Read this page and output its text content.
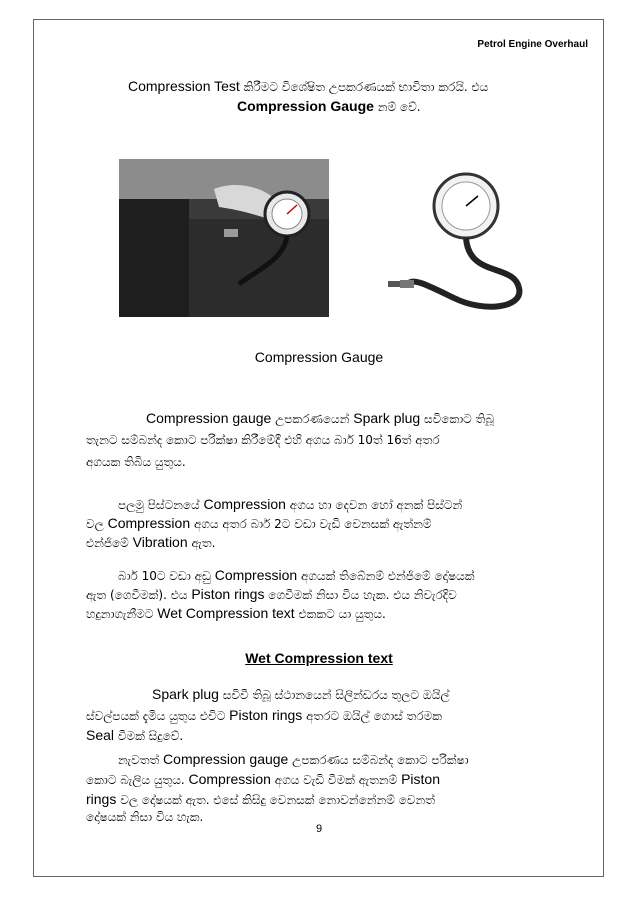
Petrol Engine Overhaul
Compression Test කිරීමට විශේෂිත උපකරණයක් භාවිතා කරයි. එය
Compression Gauge නම් වේ.
Compression Gauge
Compression gauge උපකරණයෙන් Spark plug සවිකොට තිබූ
තැනට සම්බන්ද කොට පරික්ෂා කිරීමේදී එහි අගය බාර් 10ත් 16ත් අතර
අගයක තිබිය යුතුය.
පලමු පිස්ටනයේ Compression අගය හා දෙවන හෝ අනක් පිස්ටන්
වල Compression අගය අතර බාර් 2ට වඩා වැඩි වෙනසක් ඇත්නම්
එන්ජිමේ Vibration ඇත.
බාර් 10ට වඩා අඩු Compression අගයක් තිබේනම් එන්ජිමේ දෝෂයක්
ඇත (ගෙවීමක්). එය Piston rings ගෙවීමක් නිසා විය හැක. එය නිවැරදිව
හදුනාගැනීමට Wet Compression text එකකට යා යුතුය.
Wet Compression text
Spark plug සවිවී තිබූ ස්ථානයෙන් සිලින්ඩරය තුලට ඔයිල්
ස්වල්පයක් දැමිය යුතුය එවිට Piston rings අතරට ඔයිල් ගොස් තරමක
Seal වීමක් සිදුවේ.
නැවතත් Compression gauge උපකරණය සම්බන්ද කොට පරික්ෂා
කොට බැලිය යුතුය. Compression අගය වැඩි වීමක් ඇතනම් Piston
rings වල දෝෂයක් ඇත. එසේ කිසිදු වෙනසක් නොවන්නේනම් වෙනත්
දෝෂයක් නිසා විය හැක.
9
